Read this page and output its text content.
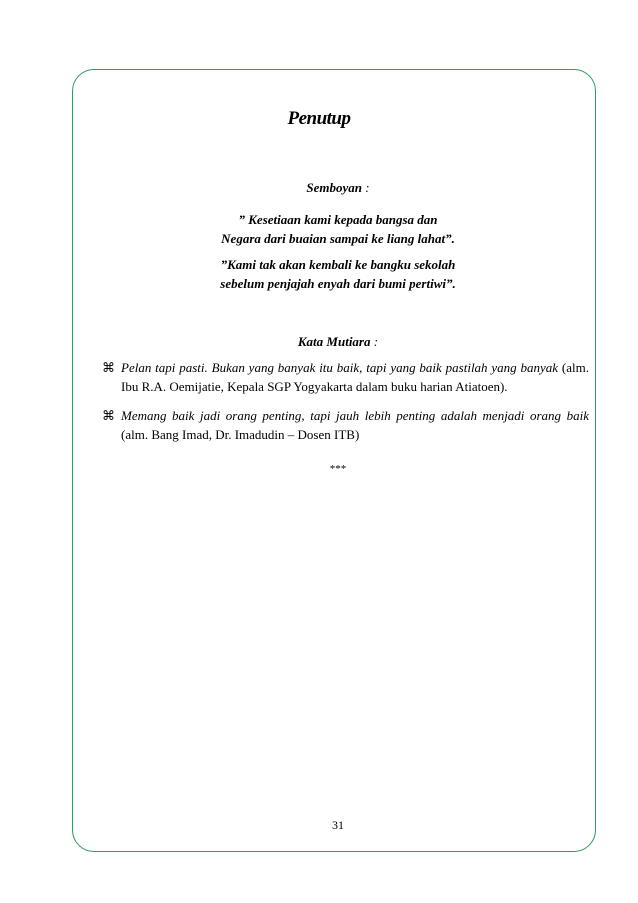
Penutup
Semboyan :
” Kesetiaan kami kepada bangsa dan
Negara dari buaian sampai ke liang lahat”.
”Kami tak akan kembali ke bangku sekolah
sebelum penjajah enyah dari bumi pertiwi”.
Kata Mutiara :
⌘ Pelan tapi pasti. Bukan yang banyak itu baik, tapi yang baik pastilah yang banyak (alm. Ibu R.A. Oemijatie, Kepala SGP Yogyakarta dalam buku harian Atiatoen).

⌘ Memang baik jadi orang penting, tapi jauh lebih penting adalah menjadi orang baik (alm. Bang Imad, Dr. Imadudin – Dosen ITB)

***
31
